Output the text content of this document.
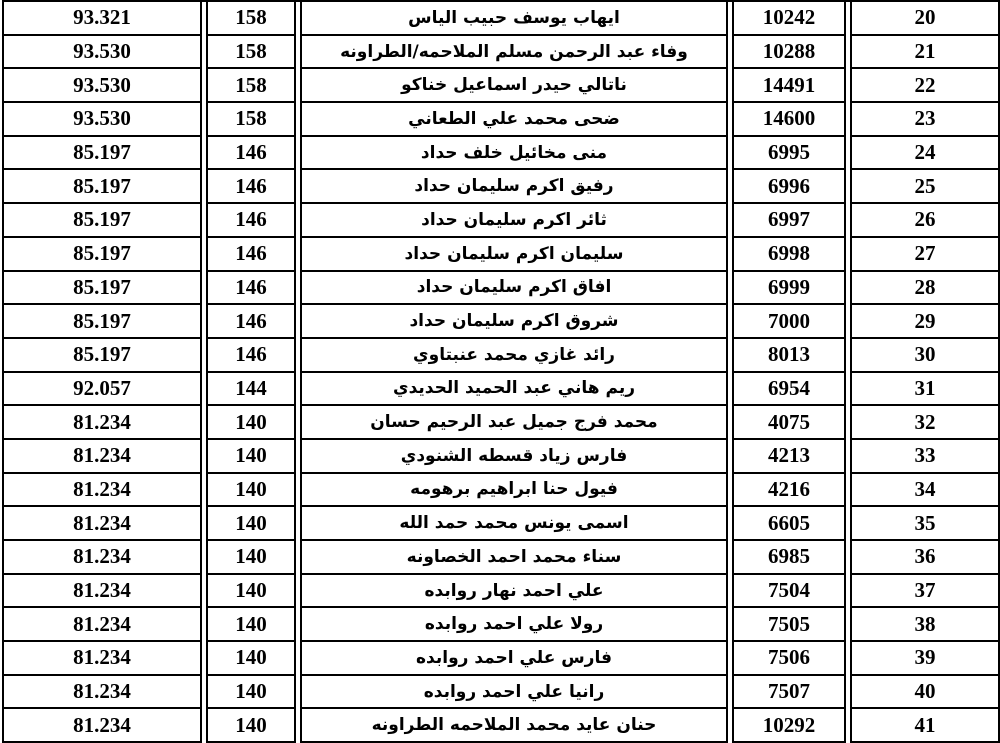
93.321		158		ايهاب يوسف حبيب الياس		10242		20
93.530		158		وفاء عبد الرحمن مسلم الملاحمه/الطراونه		10288		21
93.530		158		ناتالي حيدر اسماعيل خناكو		14491		22
93.530		158		ضحى محمد علي الطعاني		14600		23
85.197		146		منى مخائيل خلف حداد		6995		24
85.197		146		رفيق اكرم سليمان حداد		6996		25
85.197		146		ثائر اكرم سليمان حداد		6997		26
85.197		146		سليمان اكرم سليمان حداد		6998		27
85.197		146		افاق اكرم سليمان حداد		6999		28
85.197		146		شروق اكرم سليمان حداد		7000		29
85.197		146		رائد غازي محمد عنبتاوي		8013		30
92.057		144		ريم هاني عبد الحميد الحديدي		6954		31
81.234		140		محمد فرج جميل عبد الرحيم حسان		4075		32
81.234		140		فارس زياد قسطه الشنودي		4213		33
81.234		140		فيول حنا ابراهيم برهومه		4216		34
81.234		140		اسمى يونس محمد حمد الله		6605		35
81.234		140		سناء محمد احمد الخصاونه		6985		36
81.234		140		علي احمد نهار روابده		7504		37
81.234		140		رولا علي احمد روابده		7505		38
81.234		140		فارس علي احمد روابده		7506		39
81.234		140		رانيا علي احمد روابده		7507		40
81.234		140		حنان عايد محمد الملاحمه الطراونه		10292		41
